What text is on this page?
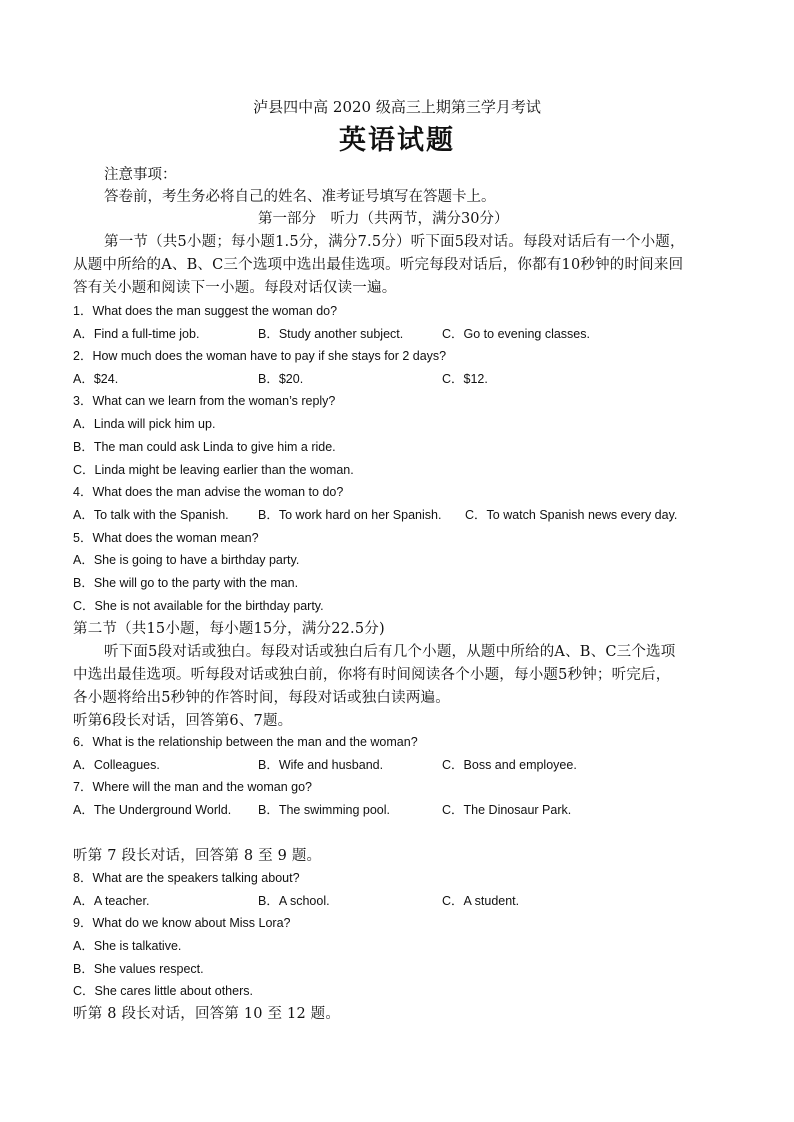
泸县四中高 2020 级高三上期第三学月考试
英语试题
注意事项：
答卷前，考生务必将自己的姓名、准考证号填写在答题卡上。
第一部分　听力（共两节，满分30分）
第一节（共5小题；每小题1.5分，满分7.5分）听下面5段对话。每段对话后有一个小题，
从题中所给的A、B、C三个选项中选出最佳选项。听完每段对话后，你都有10秒钟的时间来回
答有关小题和阅读下一小题。每段对话仅读一遍。
1．What does the man suggest the woman do?
A．Find a full-time job.	B．Study another subject.	C．Go to evening classes.
2．How much does the woman have to pay if she stays for 2 days?
A．$24.	B．$20.	C．$12.
3．What can we learn from the woman’s reply?
A．Linda will pick him up.
B．The man could ask Linda to give him a ride.
C．Linda might be leaving earlier than the woman.
4．What does the man advise the woman to do?
A．To talk with the Spanish. B．To work hard on her Spanish. C．To watch Spanish news every day.
5．What does the woman mean?
A．She is going to have a birthday party.
B．She will go to the party with the man.
C．She is not available for the birthday party.
第二节（共15小题，每小题15分，满分22.5分)
听下面5段对话或独白。每段对话或独白后有几个小题，从题中所给的A、B、C三个选项
中选出最佳选项。听每段对话或独白前，你将有时间阅读各个小题，每小题5秒钟；听完后，
各小题将给出5秒钟的作答时间，每段对话或独白读两遍。
听第6段长对话，回答第6、7题。
6．What is the relationship between the man and the woman?
A．Colleagues.	B．Wife and husband.	C．Boss and employee.
7．Where will the man and the woman go?
A．The Underground World. B．The swimming pool.	C．The Dinosaur Park.
听第 7 段长对话，回答第 8 至 9 题。
8．What are the speakers talking about?
A．A teacher.	B．A school.	C．A student.
9．What do we know about Miss Lora?
A．She is talkative.
B．She values respect.
C．She cares little about others.
听第 8 段长对话，回答第 10 至 12 题。
